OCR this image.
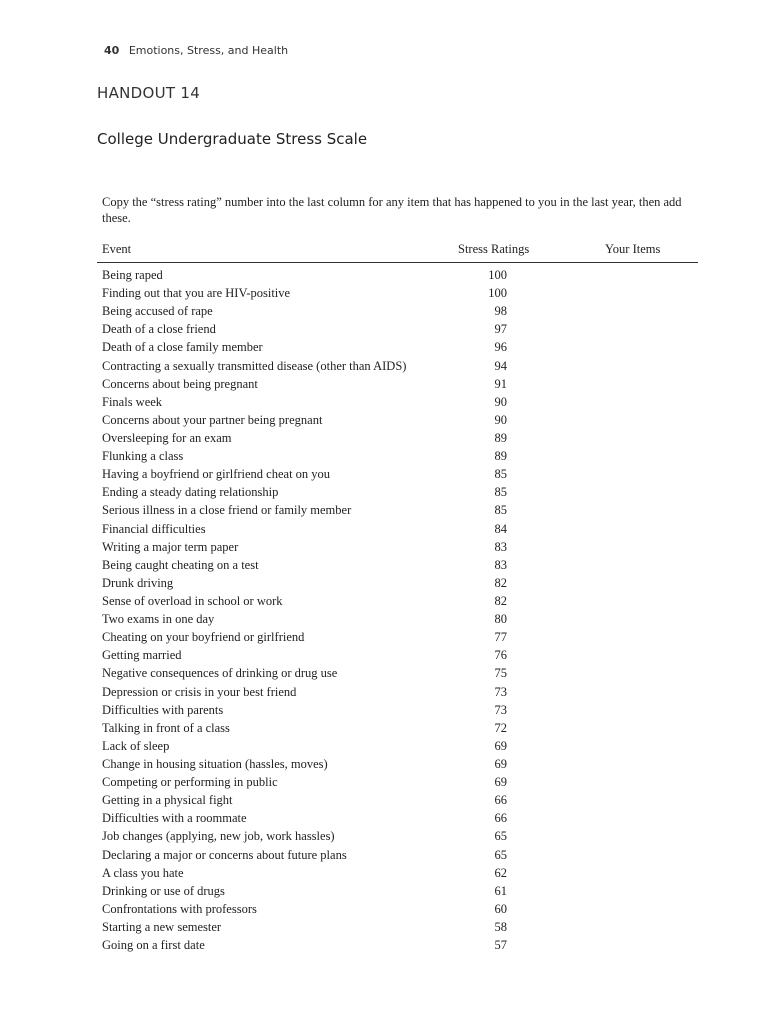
40 Emotions, Stress, and Health
HANDOUT 14
College Undergraduate Stress Scale
Copy the “stress rating” number into the last column for any item that has happened to you in the last year, then add these.
Event	Stress Ratings	Your Items
Being raped	100
Finding out that you are HIV-positive	100
Being accused of rape	98
Death of a close friend	97
Death of a close family member	96
Contracting a sexually transmitted disease (other than AIDS)	94
Concerns about being pregnant	91
Finals week	90
Concerns about your partner being pregnant	90
Oversleeping for an exam	89
Flunking a class	89
Having a boyfriend or girlfriend cheat on you	85
Ending a steady dating relationship	85
Serious illness in a close friend or family member	85
Financial difficulties	84
Writing a major term paper	83
Being caught cheating on a test	83
Drunk driving	82
Sense of overload in school or work	82
Two exams in one day	80
Cheating on your boyfriend or girlfriend	77
Getting married	76
Negative consequences of drinking or drug use	75
Depression or crisis in your best friend	73
Difficulties with parents	73
Talking in front of a class	72
Lack of sleep	69
Change in housing situation (hassles, moves)	69
Competing or performing in public	69
Getting in a physical fight	66
Difficulties with a roommate	66
Job changes (applying, new job, work hassles)	65
Declaring a major or concerns about future plans	65
A class you hate	62
Drinking or use of drugs	61
Confrontations with professors	60
Starting a new semester	58
Going on a first date	57
